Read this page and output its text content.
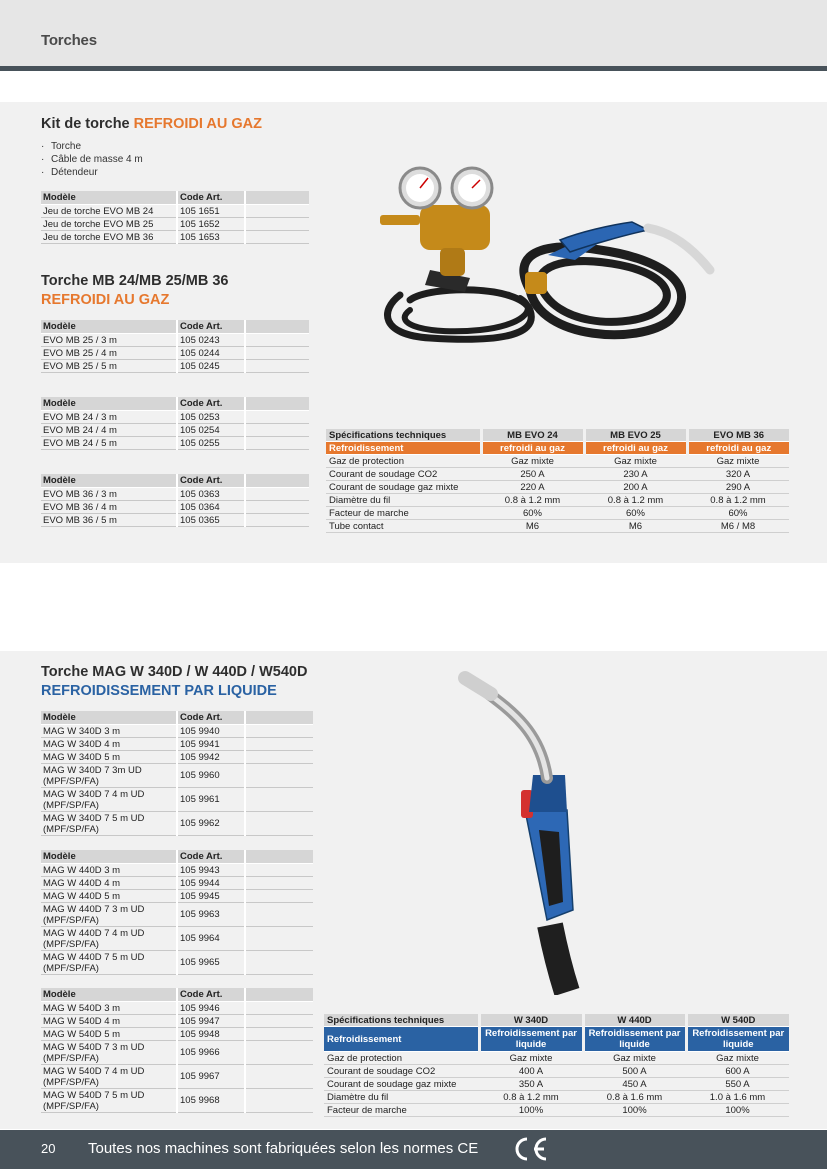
Torches
Kit de torche REFROIDI AU GAZ
· Torche
· Câble de masse 4 m
· Détendeur
Modèle	Code Art.	
Jeu de torche EVO MB 24	105 1651	
Jeu de torche EVO MB 25	105 1652	
Jeu de torche EVO MB 36	105 1653	
Torche MB 24/MB 25/MB 36
REFROIDI AU GAZ
Modèle	Code Art.	
EVO MB 25 / 3 m	105 0243	
EVO MB 25 / 4 m	105 0244	
EVO MB 25 / 5 m	105 0245	
Modèle	Code Art.	
EVO MB 24 / 3 m	105 0253	
EVO MB 24 / 4 m	105 0254	
EVO MB 24 / 5 m	105 0255	
Modèle	Code Art.	
EVO MB 36 / 3 m	105 0363	
EVO MB 36 / 4 m	105 0364	
EVO MB 36 / 5 m	105 0365	
Spécifications techniques	MB EVO 24	MB EVO 25	EVO MB 36
Refroidissement	refroidi au gaz	refroidi au gaz	refroidi au gaz
Gaz de protection	Gaz mixte	Gaz mixte	Gaz mixte
Courant de soudage CO2	250 A	230 A	320 A
Courant de soudage gaz mixte	220 A	200 A	290 A
Diamètre du fil	0.8 à 1.2 mm	0.8 à 1.2 mm	0.8 à 1.2 mm
Facteur de marche	60%	60%	60%
Tube contact	M6	M6	M6 / M8
Torche MAG W 340D / W 440D / W540D
REFROIDISSEMENT PAR LIQUIDE
Modèle	Code Art.	
MAG W 340D 3 m	105 9940	
MAG W 340D 4 m	105 9941	
MAG W 340D 5 m	105 9942	
MAG W 340D 7 3m UD (MPF/SP/FA)	105 9960	
MAG W 340D 7 4 m UD (MPF/SP/FA)	105 9961	
MAG W 340D 7 5 m UD (MPF/SP/FA)	105 9962	
Modèle	Code Art.	
MAG W 440D 3 m	105 9943	
MAG W 440D 4 m	105 9944	
MAG W 440D 5 m	105 9945	
MAG W 440D 7 3 m UD (MPF/SP/FA)	105 9963	
MAG W 440D 7 4 m UD (MPF/SP/FA)	105 9964	
MAG W 440D 7 5 m UD (MPF/SP/FA)	105 9965	
Modèle	Code Art.	
MAG W 540D 3 m	105 9946	
MAG W 540D 4 m	105 9947	
MAG W 540D 5 m	105 9948	
MAG W 540D 7 3 m UD (MPF/SP/FA)	105 9966	
MAG W 540D 7 4 m UD (MPF/SP/FA)	105 9967	
MAG W 540D 7 5 m UD (MPF/SP/FA)	105 9968	
Spécifications techniques	W 340D	W 440D	W 540D
Refroidissement	Refroidissement par liquide	Refroidissement par liquide	Refroidissement par liquide
Gaz de protection	Gaz mixte	Gaz mixte	Gaz mixte
Courant de soudage CO2	400 A	500 A	600 A
Courant de soudage gaz mixte	350 A	450 A	550 A
Diamètre du fil	0.8 à 1.2 mm	0.8 à 1.6 mm	1.0 à 1.6 mm
Facteur de marche	100%	100%	100%
20 Toutes nos machines sont fabriquées selon les normes CE
